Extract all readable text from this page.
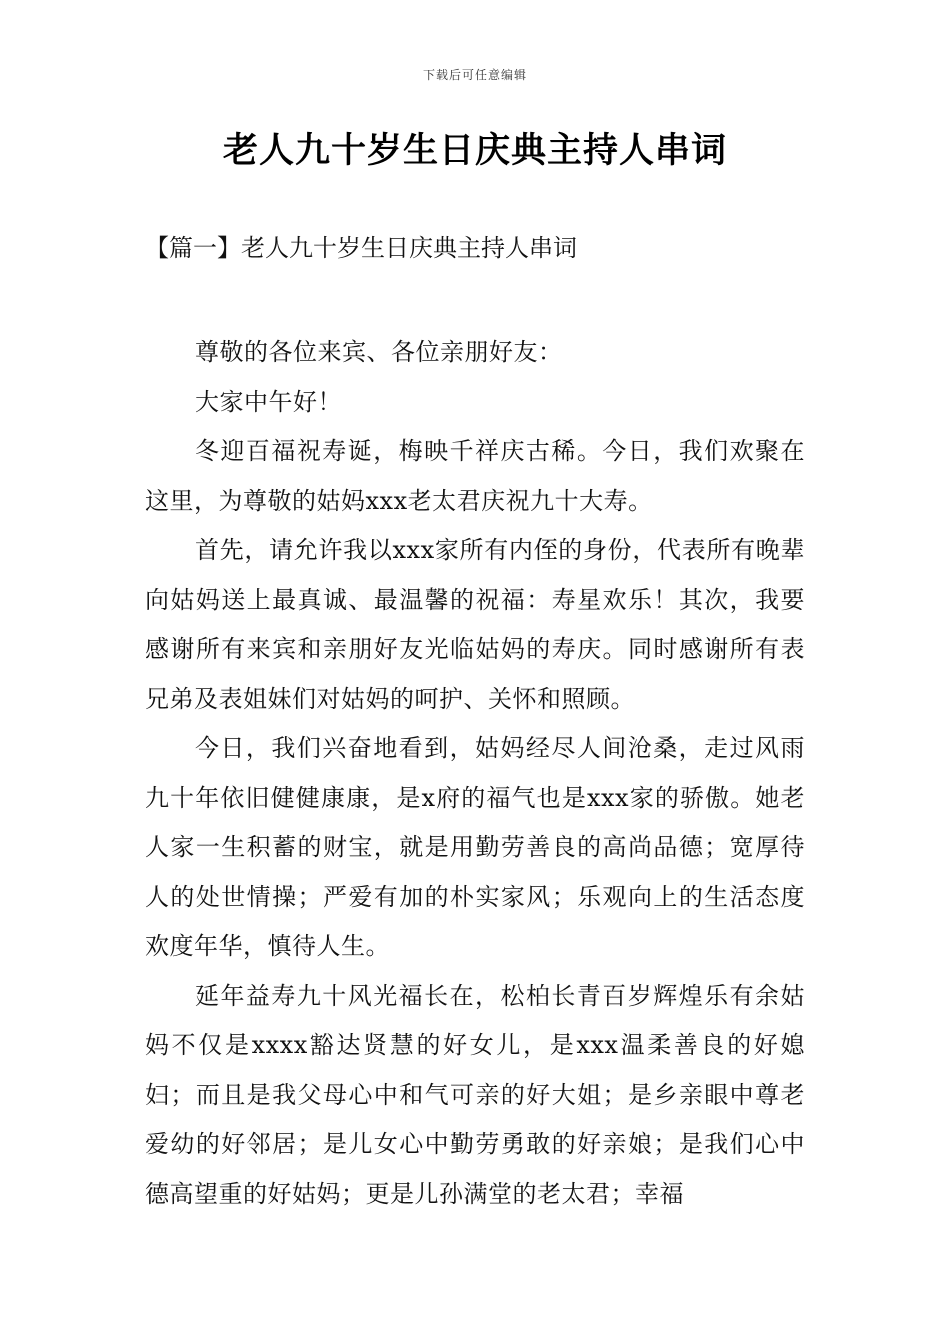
下载后可任意编辑
老人九十岁生日庆典主持人串词
【篇一】老人九十岁生日庆典主持人串词

尊敬的各位来宾、各位亲朋好友：

大家中午好！

冬迎百福祝寿诞，梅映千祥庆古稀。今日，我们欢聚在这里，为尊敬的姑妈xxx老太君庆祝九十大寿。

首先，请允许我以xxx家所有内侄的身份，代表所有晚辈向姑妈送上最真诚、最温馨的祝福：寿星欢乐！其次，我要感谢所有来宾和亲朋好友光临姑妈的寿庆。同时感谢所有表兄弟及表姐妹们对姑妈的呵护、关怀和照顾。

今日，我们兴奋地看到，姑妈经尽人间沧桑，走过风雨九十年依旧健健康康，是x府的福气也是xxx家的骄傲。她老人家一生积蓄的财宝，就是用勤劳善良的高尚品德；宽厚待人的处世情操；严爱有加的朴实家风；乐观向上的生活态度欢度年华，慎待人生。

延年益寿九十风光福长在，松柏长青百岁辉煌乐有余姑妈不仅是xxxx豁达贤慧的好女儿，是xxx温柔善良的好媳妇；而且是我父母心中和气可亲的好大姐；是乡亲眼中尊老爱幼的好邻居；是儿女心中勤劳勇敢的好亲娘；是我们心中德高望重的好姑妈；更是儿孙满堂的老太君；幸福
